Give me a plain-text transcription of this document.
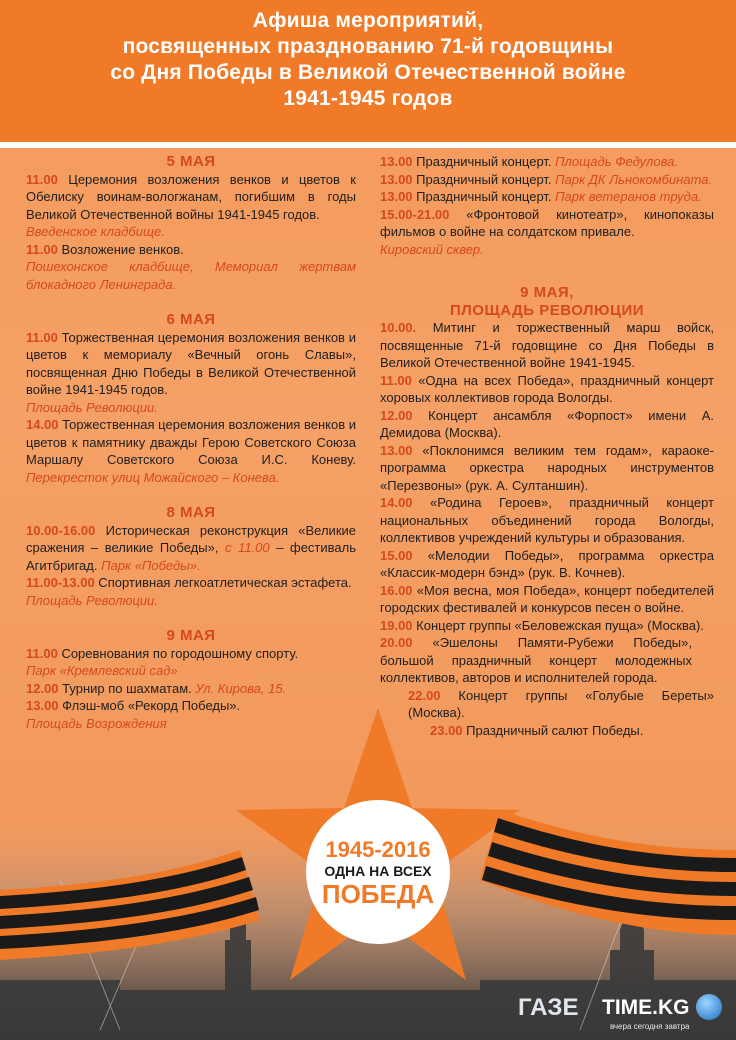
Афиша мероприятий,
посвященных празднованию 71-й годовщины
со Дня Победы в Великой Отечественной войне
1941-1945 годов
1945-2016
ОДНА НА ВСЕХ
ПОБЕДА

5 МАЯ

11.00 Церемония возложения венков и цветов к Обелиску воинам-вологжанам, погибшим в годы Великой Отечественной войны 1941-1945 годов.

Введенское кладбище.

11.00 Возложение венков.

Пошехонское кладбище, Мемориал жертвам блокадного Ленинграда.

6 МАЯ

11.00 Торжественная церемония возложения венков и цветов к мемориалу «Вечный огонь Славы», посвященная Дню Победы в Великой Отечественной войне 1941-1945 годов.

Площадь Революции.

14.00 Торжественная церемония возложения венков и цветов к памятнику дважды Герою Советского Союза Маршалу Советского Союза И.С. Коневу. Перекресток улиц Можайского – Конева.

8 МАЯ

10.00-16.00 Историческая реконструкция «Великие сражения – великие Победы», с 11.00 – фестиваль Агитбригад. Парк «Победы».

11.00-13.00 Спортивная легкоатлетическая эстафета.

Площадь Революции.

9 МАЯ

11.00 Соревнования по городошному спорту.

Парк «Кремлевский сад»

12.00 Турнир по шахматам. Ул. Кирова, 15.

13.00 Флэш-моб «Рекорд Победы».

Площадь Возрождения

13.00 Праздничный концерт. Площадь Федулова.

13.00 Праздничный концерт. Парк ДК Льнокомбината.

13.00 Праздничный концерт. Парк ветеранов труда.

15.00-21.00 «Фронтовой кинотеатр», кинопоказы фильмов о войне на солдатском привале.

Кировский сквер.

9 МАЯ,

ПЛОЩАДЬ РЕВОЛЮЦИИ

10.00. Митинг и торжественный марш войск, посвященные 71-й годовщине со Дня Победы в Великой Отечественной войне 1941-1945.

11.00 «Одна на всех Победа», праздничный концерт хоровых коллективов города Вологды.

12.00 Концерт ансамбля «Форпост» имени А. Демидова (Москва).

13.00 «Поклонимся великим тем годам», караоке-программа оркестра народных инструментов «Перезвоны» (рук. А. Султаншин).

14.00 «Родина Героев», праздничный концерт национальных объединений города Вологды, коллективов учреждений культуры и образования.

15.00 «Мелодии Победы», программа оркестра «Классик-модерн бэнд» (рук. В. Кочнев).

16.00 «Моя весна, моя Победа», концерт победителей городских фестивалей и конкурсов песен о войне.

19.00 Концерт группы «Беловежская пуща» (Москва).

20.00 «Эшелоны Памяти-Рубежи Победы», большой праздничный концерт молодежных коллективов, авторов и исполнителей города.

22.00 Концерт группы «Голубые Береты» (Москва).

23.00 Праздничный салют Победы.

ГАЗЕ TIME.KG
вчера сегодня завтра
